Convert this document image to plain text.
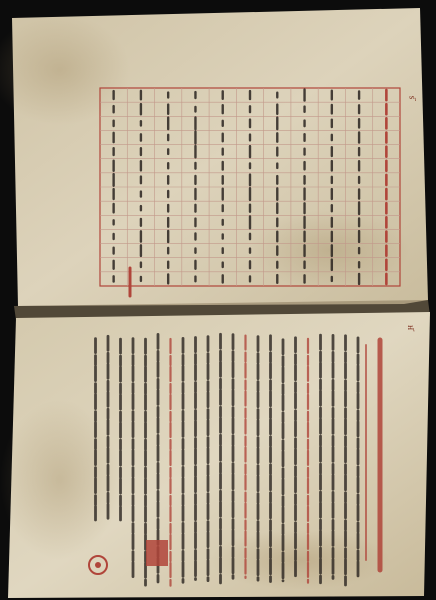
ѕ҃
н҃
